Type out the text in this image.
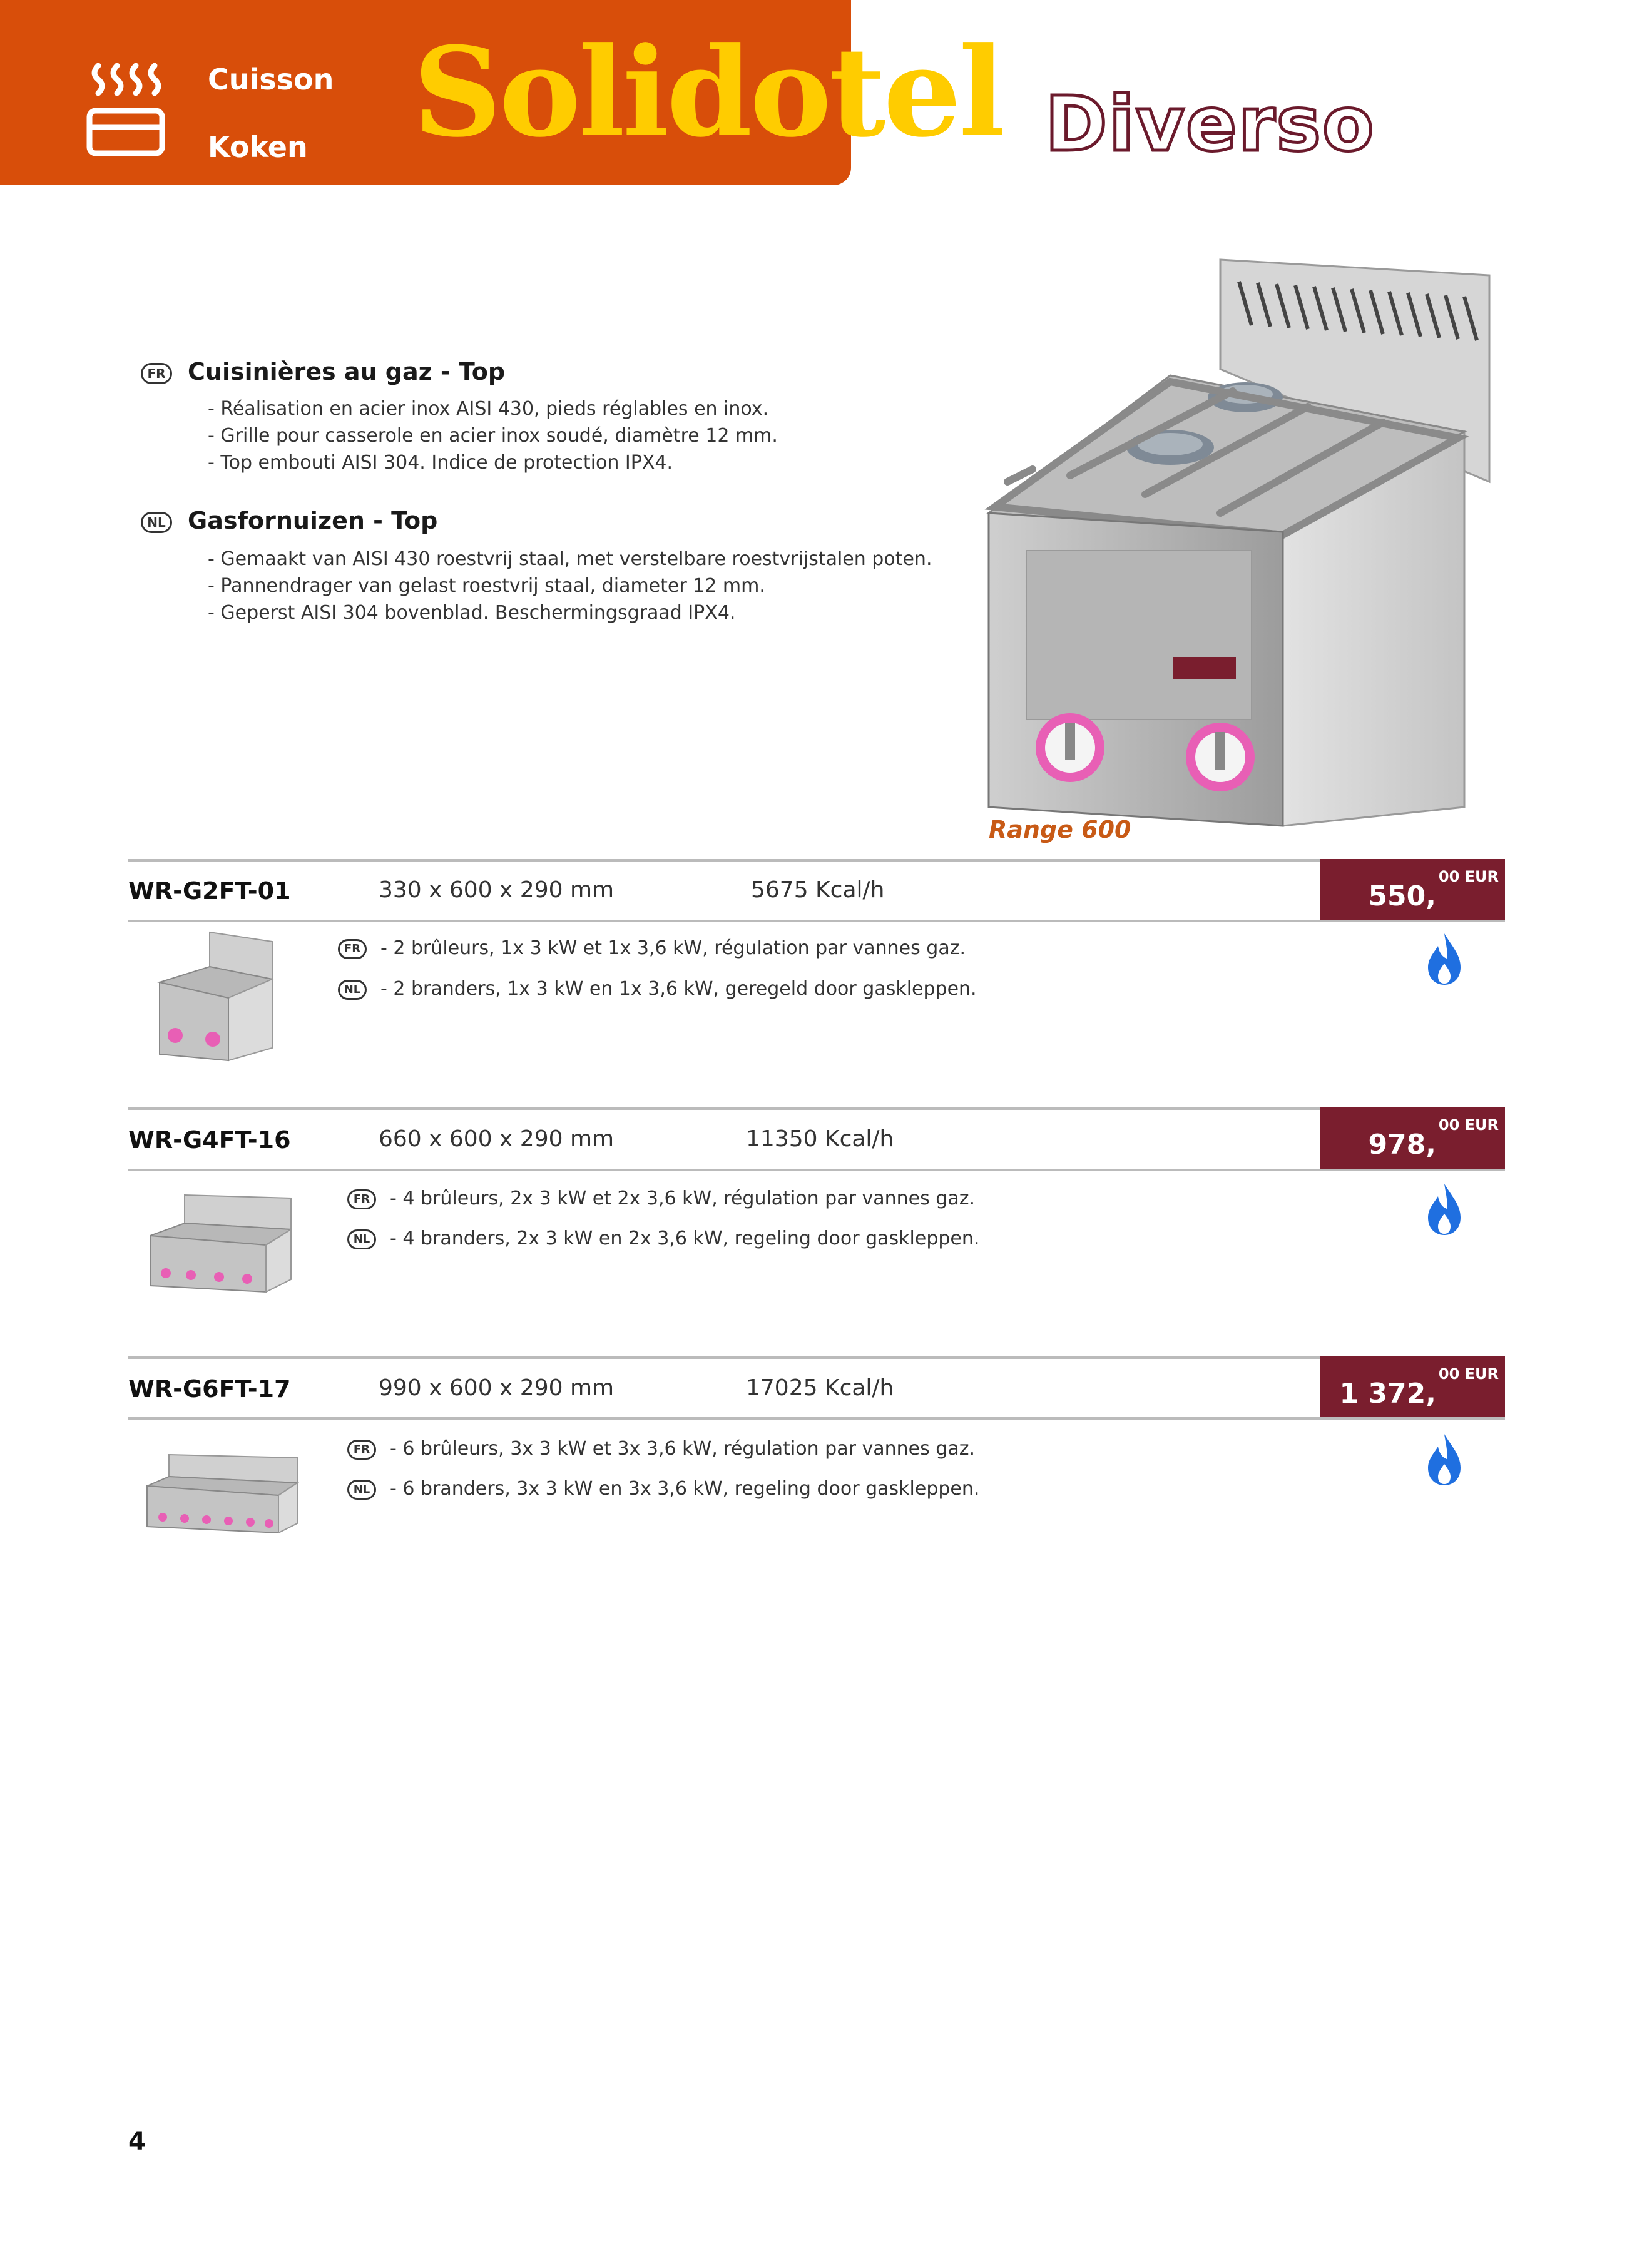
Cuisson
Koken Solidotel Diverso
FR Cuisinières au gaz - Top
- Réalisation en acier inox AISI 430, pieds réglables en inox.
- Grille pour casserole en acier inox soudé, diamètre 12 mm.
- Top embouti AISI 304. Indice de protection IPX4.
NL Gasfornuizen - Top
- Gemaakt van AISI 430 roestvrij staal, met verstelbare roestvrijstalen poten.
- Pannendrager van gelast roestvrij staal, diameter 12 mm.
- Geperst AISI 304 bovenblad. Beschermingsgraad IPX4.
Range 600
WR-G2FT-01	330 x 600 x 290 mm	5675 Kcal/h	550,
00 EUR
FR - 2 brûleurs, 1x 3 kW et 1x 3,6 kW, régulation par vannes gaz.
NL - 2 branders, 1x 3 kW en 1x 3,6 kW, geregeld door gaskleppen.
WR-G4FT-16	660 x 600 x 290 mm	11350 Kcal/h	978,
00 EUR
FR - 4 brûleurs, 2x 3 kW et 2x 3,6 kW, régulation par vannes gaz.
NL - 4 branders, 2x 3 kW en 2x 3,6 kW, regeling door gaskleppen.
WR-G6FT-17	990 x 600 x 290 mm	17025 Kcal/h	1 372,
00 EUR
FR - 6 brûleurs, 3x 3 kW et 3x 3,6 kW, régulation par vannes gaz.
NL - 6 branders, 3x 3 kW en 3x 3,6 kW, regeling door gaskleppen.
4
